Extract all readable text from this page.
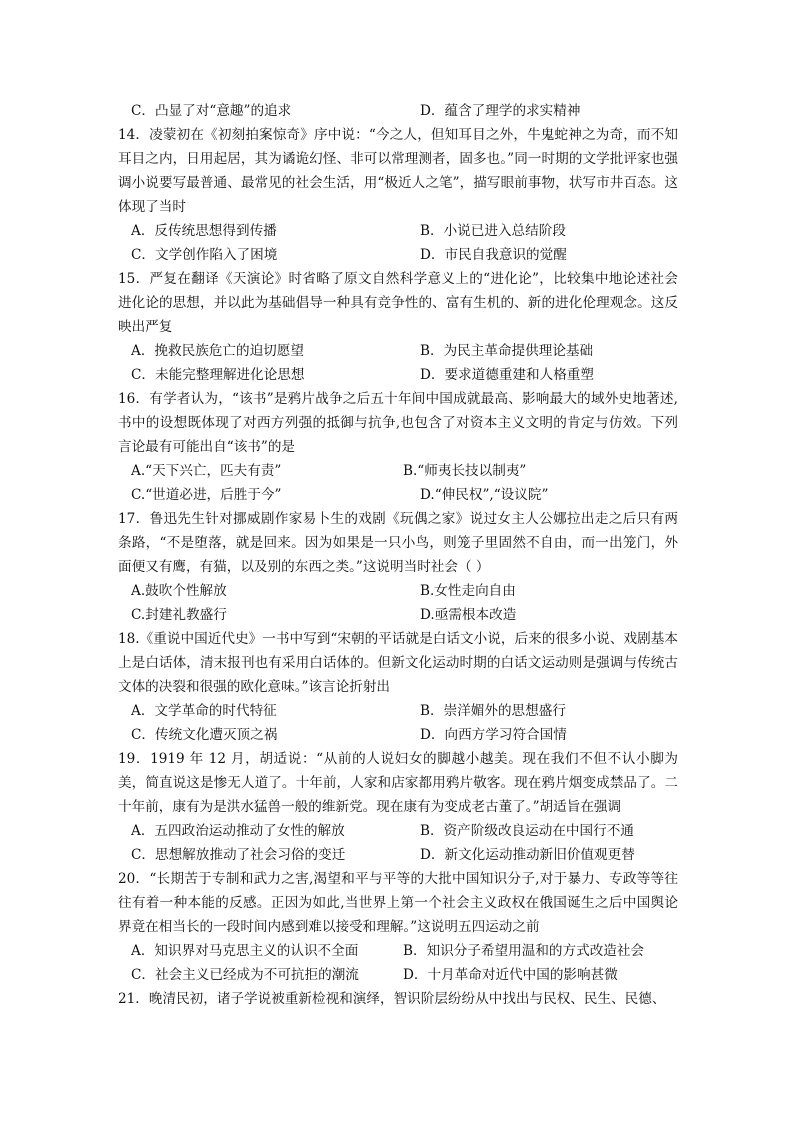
C．凸显了对“意趣”的追求	D．蕴含了理学的求实精神
14．凌蒙初在《初刻拍案惊奇》序中说：“今之人，但知耳目之外，牛鬼蛇神之为奇，而不知耳目之内，日用起居，其为谲诡幻怪、非可以常理测者，固多也。”同一时期的文学批评家也强调小说要写最普通、最常见的社会生活，用“极近人之笔”，描写眼前事物，状写市井百态。这体现了当时
A．反传统思想得到传播	B．小说已进入总结阶段
C．文学创作陷入了困境	D．市民自我意识的觉醒
15．严复在翻译《天演论》时省略了原文自然科学意义上的“进化论”，比较集中地论述社会进化论的思想，并以此为基础倡导一种具有竞争性的、富有生机的、新的进化伦理观念。这反映出严复
A．挽救民族危亡的迫切愿望	B．为民主革命提供理论基础
C．未能完整理解进化论思想	D．要求道德重建和人格重塑
16．有学者认为，“该书”是鸦片战争之后五十年间中国成就最高、影响最大的域外史地著述,书中的设想既体现了对西方列强的抵御与抗争,也包含了对资本主义文明的肯定与仿效。下列言论最有可能出自“该书”的是
A.“天下兴亡，匹夫有责”	B.“师夷长技以制夷”
C.“世道必进，后胜于今”	D.“伸民权”,“设议院”
17．鲁迅先生针对挪威剧作家易卜生的戏剧《玩偶之家》说过女主人公娜拉出走之后只有两条路，“不是堕落，就是回来。因为如果是一只小鸟，则笼子里固然不自由，而一出笼门，外面便又有鹰，有猫，以及别的东西之类。”这说明当时社会（ ）
A.鼓吹个性解放	B.女性走向自由
C.封建礼教盛行	D.亟需根本改造
18.《重说中国近代史》一书中写到“宋朝的平话就是白话文小说，后来的很多小说、戏剧基本上是白话体，清末报刊也有采用白话体的。但新文化运动时期的白话文运动则是强调与传统古文体的决裂和很强的欧化意味。”该言论折射出
A．文学革命的时代特征	B．崇洋媚外的思想盛行
C．传统文化遭灭顶之祸	D．向西方学习符合国情
19．1919 年 12 月，胡适说：“从前的人说妇女的脚越小越美。现在我们不但不认小脚为美，简直说这是惨无人道了。十年前，人家和店家都用鸦片敬客。现在鸦片烟变成禁品了。二十年前，康有为是洪水猛兽一般的维新党。现在康有为变成老古董了。”胡适旨在强调
A．五四政治运动推动了女性的解放	B．资产阶级改良运动在中国行不通
C．思想解放推动了社会习俗的变迁	D．新文化运动推动新旧价值观更替
20．“长期苦于专制和武力之害,渴望和平与平等的大批中国知识分子,对于暴力、专政等等往往有着一种本能的反感。正因为如此,当世界上第一个社会主义政权在俄国诞生之后中国舆论界竟在相当长的一段时间内感到难以接受和理解。”这说明五四运动之前
A．知识界对马克思主义的认识不全面	B．知识分子希望用温和的方式改造社会
C．社会主义已经成为不可抗拒的潮流	D．十月革命对近代中国的影响甚微
21．晚清民初，诸子学说被重新检视和演绎，智识阶层纷纷从中找出与民权、民生、民德、
